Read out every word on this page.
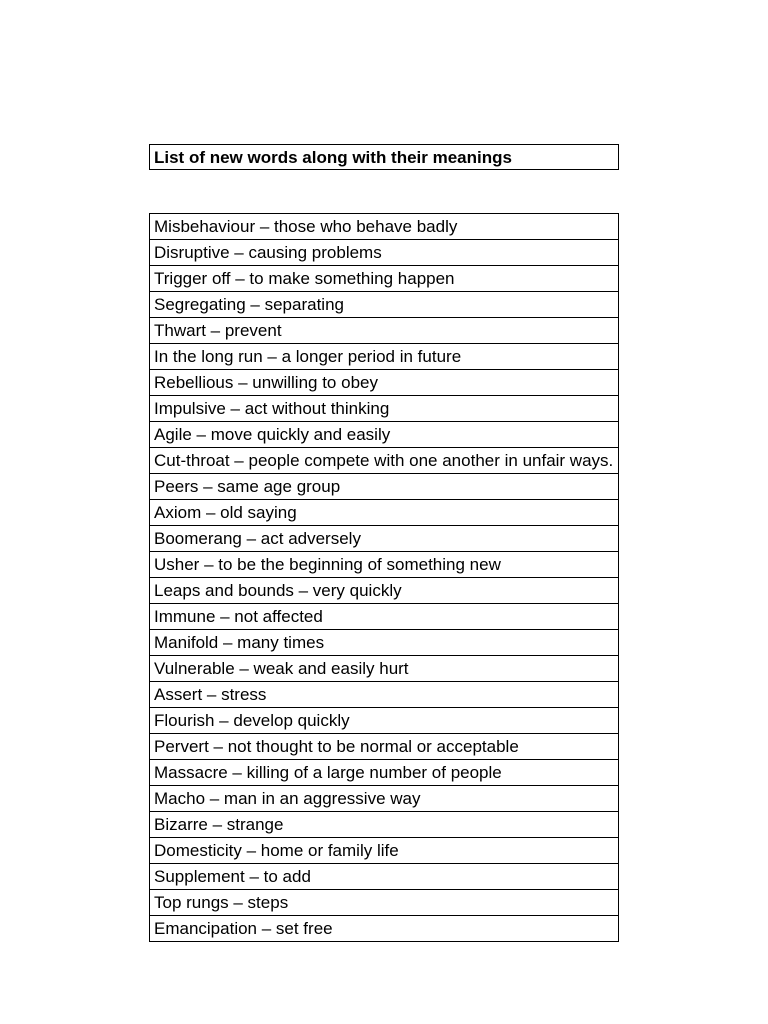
List of new words along with their meanings
Misbehaviour – those who behave badly
Disruptive – causing problems
Trigger off – to make something happen
Segregating – separating
Thwart – prevent
In the long run – a longer period in future
Rebellious – unwilling to obey
Impulsive – act without thinking
Agile – move quickly and easily
Cut-throat – people compete with one another in unfair ways.
Peers – same age group
Axiom – old saying
Boomerang – act adversely
Usher – to be the beginning of something new
Leaps and bounds – very quickly
Immune – not affected
Manifold – many times
Vulnerable – weak and easily hurt
Assert – stress
Flourish – develop quickly
Pervert – not thought to be normal or acceptable
Massacre – killing of a large number of people
Macho – man in an aggressive way
Bizarre – strange
Domesticity – home or family life
Supplement – to add
Top rungs – steps
Emancipation – set free
